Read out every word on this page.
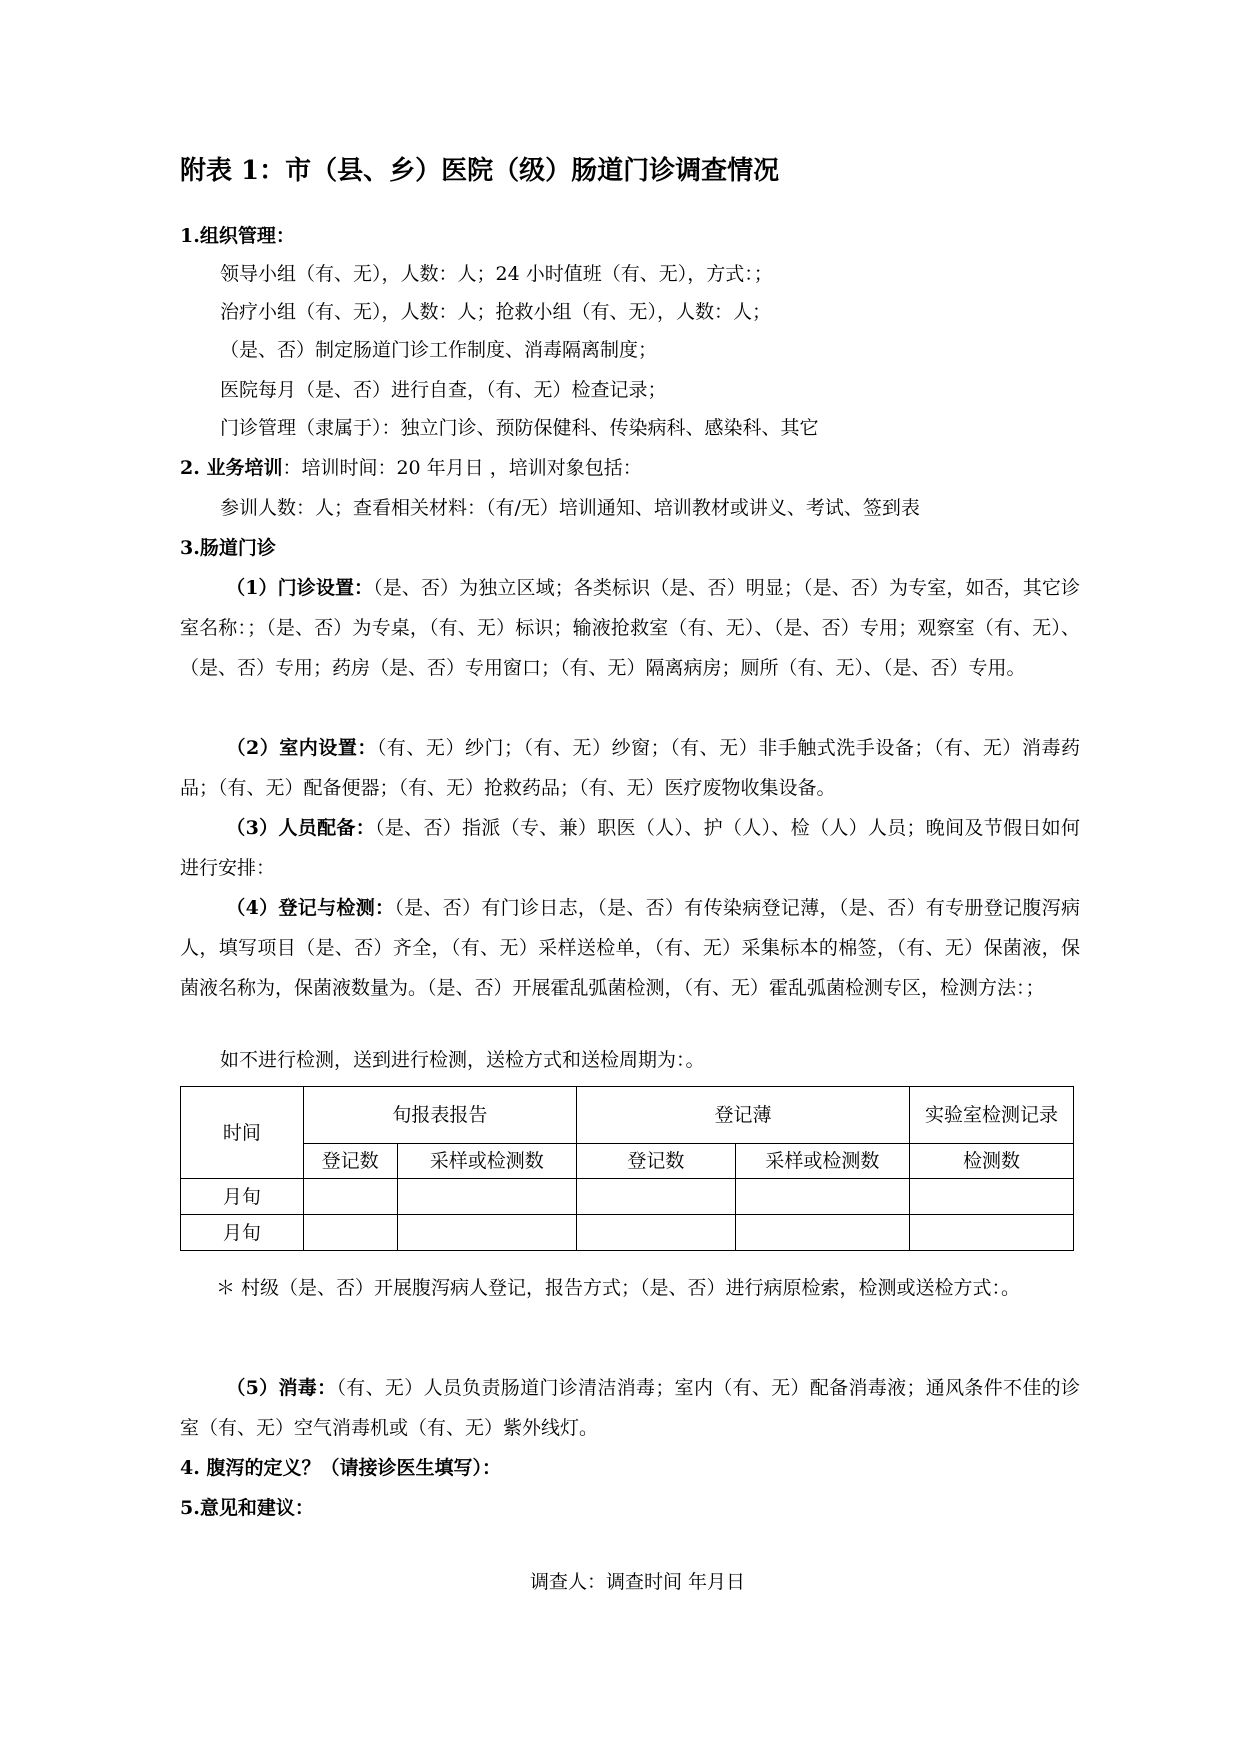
附表 1：市（县、乡）医院（级）肠道门诊调查情况
1.组织管理：
领导小组（有、无），人数：人；24 小时值班（有、无），方式：；
治疗小组（有、无），人数：人；抢救小组（有、无），人数：人；
（是、否）制定肠道门诊工作制度、消毒隔离制度；
医院每月（是、否）进行自查，（有、无）检查记录；
门诊管理（隶属于）：独立门诊、预防保健科、传染病科、感染科、其它
2. 业务培训：培训时间：20 年月日 ，培训对象包括：
参训人数：人；查看相关材料：（有/无）培训通知、培训教材或讲义、考试、签到表
3.肠道门诊
（1）门诊设置：（是、否）为独立区域；各类标识（是、否）明显；（是、否）为专室，如否，其它诊室名称：；（是、否）为专桌，（有、无）标识；输液抢救室（有、无）、（是、否）专用；观察室（有、无）、（是、否）专用；药房（是、否）专用窗口；（有、无）隔离病房；厕所（有、无）、（是、否）专用。
（2）室内设置：（有、无）纱门；（有、无）纱窗；（有、无）非手触式洗手设备；（有、无）消毒药品；（有、无）配备便器；（有、无）抢救药品；（有、无）医疗废物收集设备。
（3）人员配备：（是、否）指派（专、兼）职医（人）、护（人）、检（人）人员；晚间及节假日如何进行安排：
（4）登记与检测：（是、否）有门诊日志，（是、否）有传染病登记薄，（是、否）有专册登记腹泻病人，填写项目（是、否）齐全，（有、无）采样送检单，（有、无）采集标本的棉签，（有、无）保菌液，保菌液名称为，保菌液数量为。（是、否）开展霍乱弧菌检测，（有、无）霍乱弧菌检测专区，检测方法：；
如不进行检测，送到进行检测，送检方式和送检周期为：。
时间	旬报表报告		登记薄		实验室检测记录
	登记数	采样或检测数	登记数	采样或检测数	检测数
月旬					
月旬					
＊ 村级（是、否）开展腹泻病人登记，报告方式；（是、否）进行病原检索，检测或送检方式：。
（5）消毒：（有、无）人员负责肠道门诊清洁消毒；室内（有、无）配备消毒液；通风条件不佳的诊室（有、无）空气消毒机或（有、无）紫外线灯。
4. 腹泻的定义？（请接诊医生填写）：
5.意见和建议：
调查人：调查时间 年月日
